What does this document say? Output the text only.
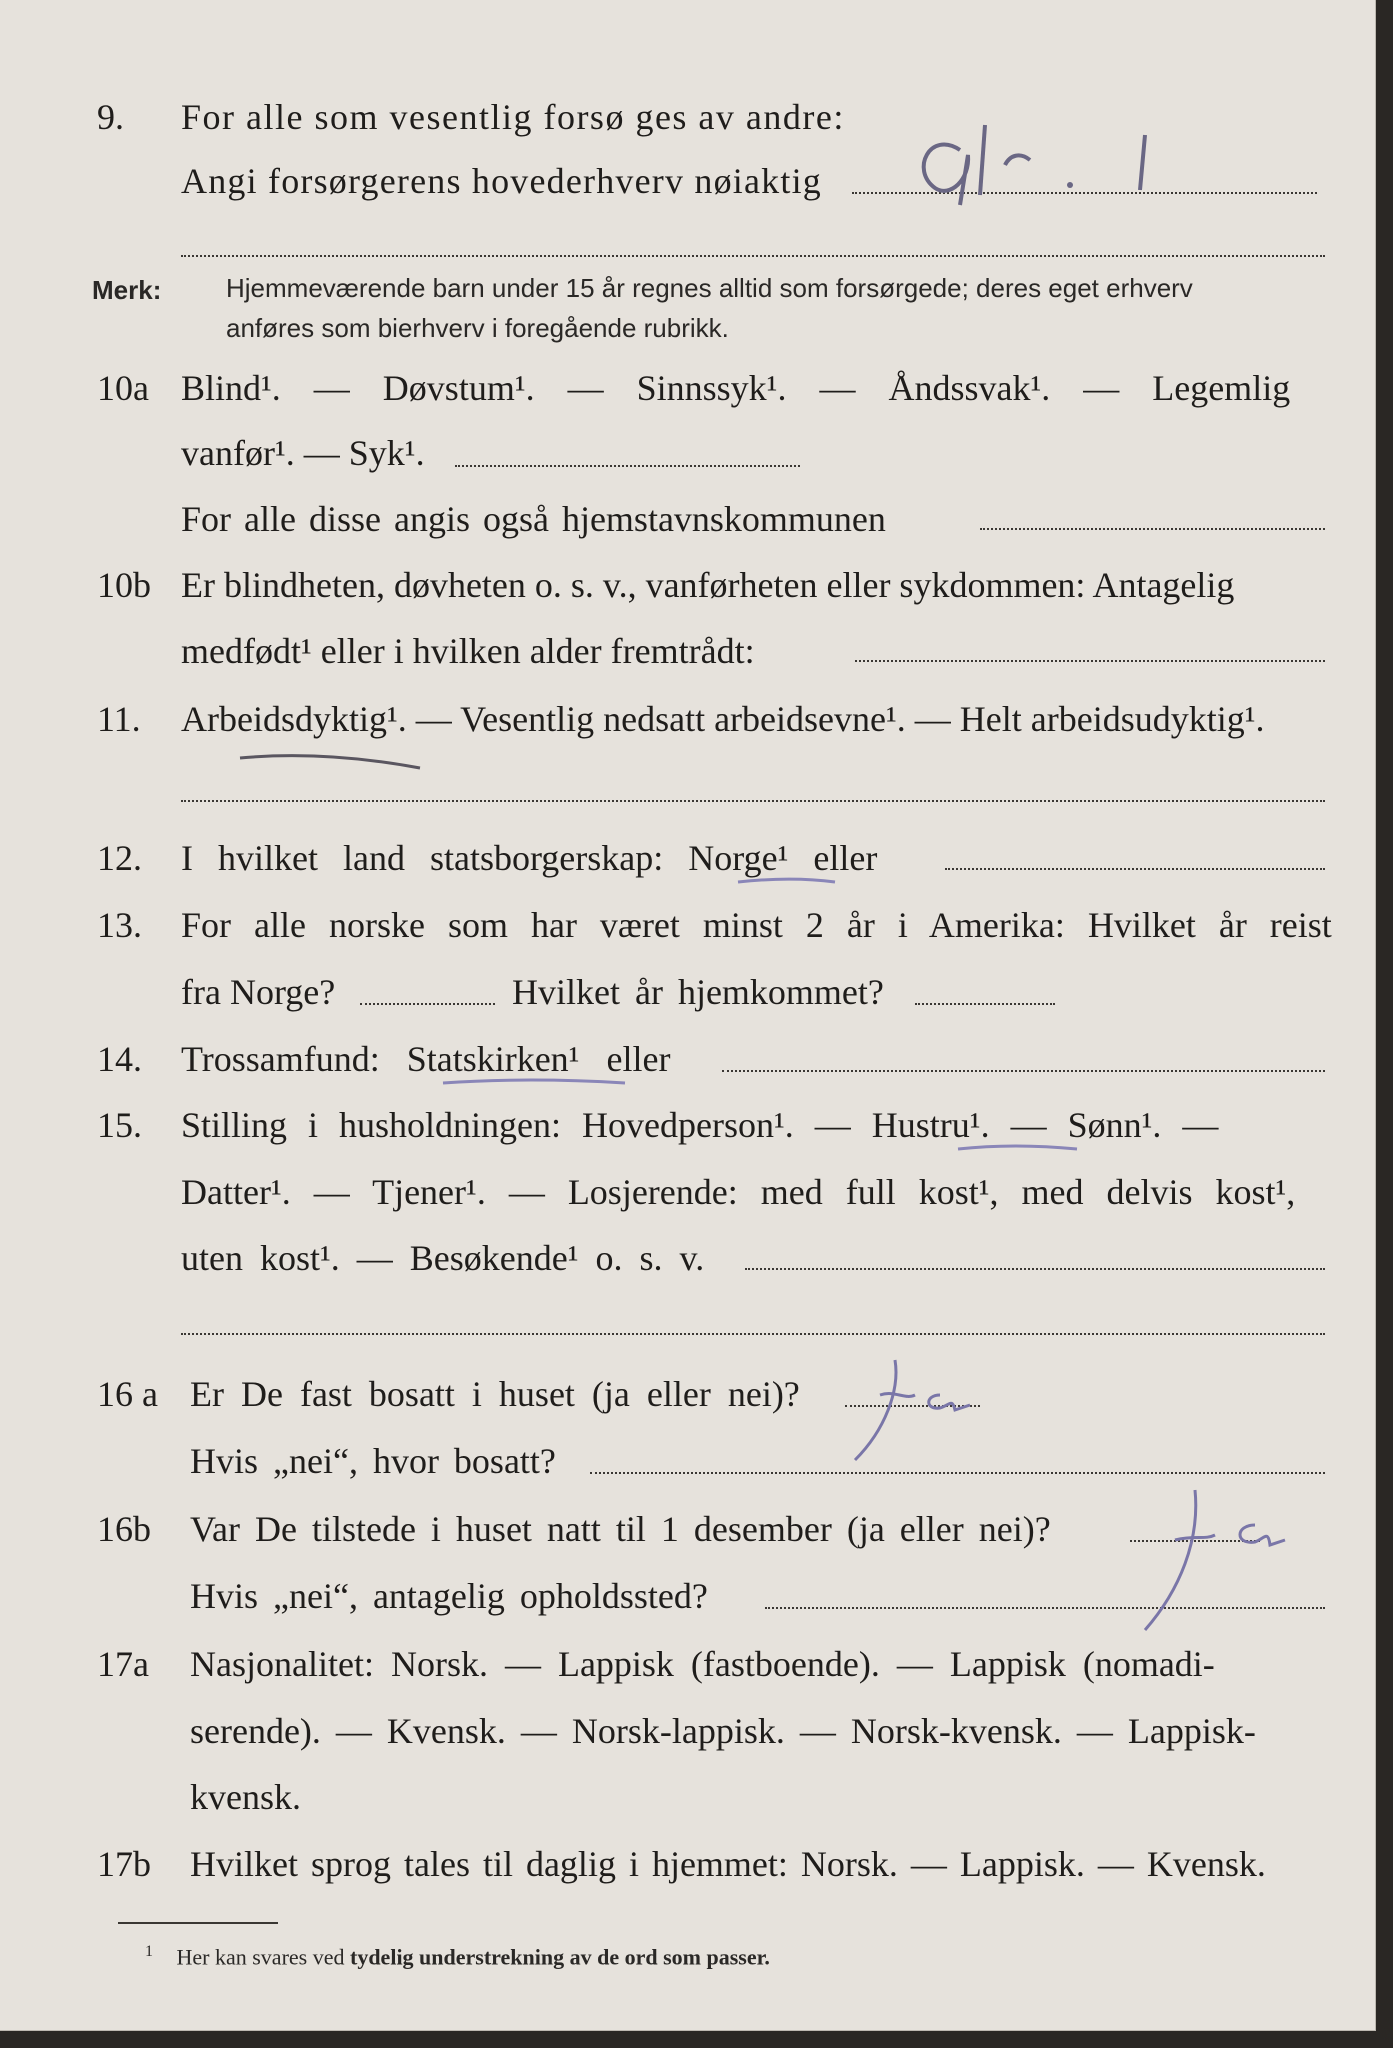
9.	For alle som vesentlig forsø ges av andre:
Angi forsørgerens hovederhverv nøiaktig
Merk: Hjemmeværende barn under 15 år regnes alltid som forsørgede; deres eget erhverv
anføres som bierhverv i foregående rubrikk.
10a Blind¹. — Døvstum¹. — Sinnssyk¹. — Åndssvak¹. — Legemlig
vanfør¹. — Syk¹.
For alle disse angis også hjemstavnskommunen
10b Er blindheten, døvheten o. s. v., vanførheten eller sykdommen: Antagelig
medfødt¹ eller i hvilken alder fremtrådt:
11.	Arbeidsdyktig¹. — Vesentlig nedsatt arbeidsevne¹. — Helt arbeidsudyktig¹.
12.	I hvilket land statsborgerskap: Norge¹ eller
13.	For alle norske som har været minst 2 år i Amerika: Hvilket år reist
fra Norge?	Hvilket år hjemkommet?
14.	Trossamfund: Statskirken¹ eller
15.	Stilling i husholdningen: Hovedperson¹. — Hustru¹. — Sønn¹. —
Datter¹. — Tjener¹. — Losjerende: med full kost¹, med delvis kost¹,
uten kost¹. — Besøkende¹ o. s. v.
16 a Er De fast bosatt i huset (ja eller nei)?
Hvis „nei“, hvor bosatt?
16b	Var De tilstede i huset natt til 1 desember (ja eller nei)?
Hvis „nei“, antagelig opholdssted?
17a	Nasjonalitet: Norsk. — Lappisk (fastboende). — Lappisk (nomadi-
serende). — Kvensk. — Norsk-lappisk. — Norsk-kvensk. — Lappisk-
kvensk.
17b	Hvilket sprog tales til daglig i hjemmet: Norsk. — Lappisk. — Kvensk.
$^1$ Her kan svares ved tydelig understrekning av de ord som passer.
